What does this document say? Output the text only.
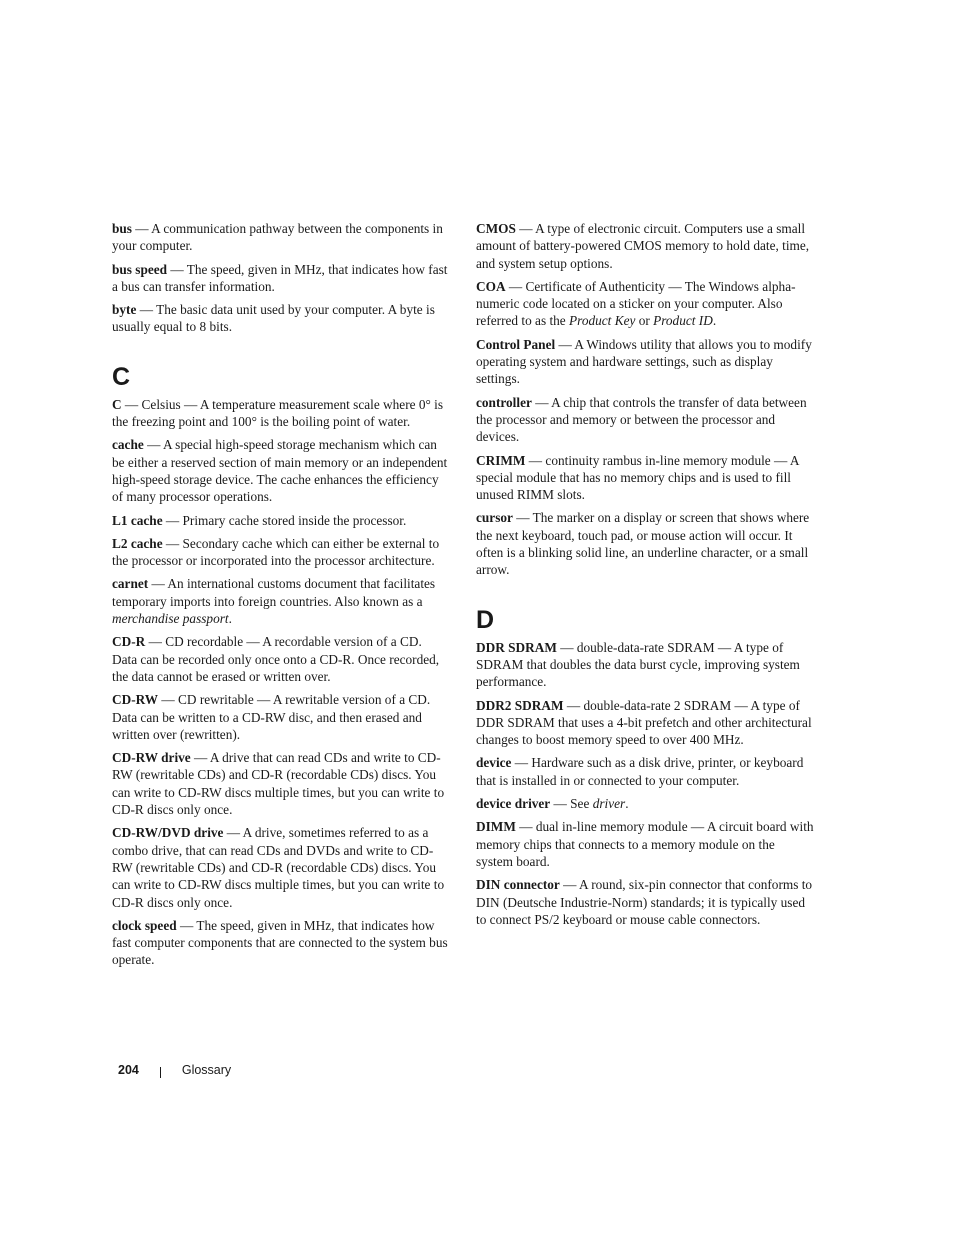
bus — A communication pathway between the components in your computer.

bus speed — The speed, given in MHz, that indicates how fast a bus can transfer information.

byte — The basic data unit used by your computer. A byte is usually equal to 8 bits.

C

C — Celsius — A temperature measurement scale where 0° is the freezing point and 100° is the boiling point of water.

cache — A special high-speed storage mechanism which can be either a reserved section of main memory or an independent high-speed storage device. The cache enhances the efficiency of many processor operations.

L1 cache — Primary cache stored inside the processor.

L2 cache — Secondary cache which can either be external to the processor or incorporated into the processor architecture.

carnet — An international customs document that facilitates temporary imports into foreign countries. Also known as a merchandise passport.

CD-R — CD recordable — A recordable version of a CD. Data can be recorded only once onto a CD-R. Once recorded, the data cannot be erased or written over.

CD-RW — CD rewritable — A rewritable version of a CD. Data can be written to a CD-RW disc, and then erased and written over (rewritten).

CD-RW drive — A drive that can read CDs and write to CD-RW (rewritable CDs) and CD-R (recordable CDs) discs. You can write to CD-RW discs multiple times, but you can write to CD-R discs only once.

CD-RW/DVD drive — A drive, sometimes referred to as a combo drive, that can read CDs and DVDs and write to CD-RW (rewritable CDs) and CD-R (recordable CDs) discs. You can write to CD-RW discs multiple times, but you can write to CD-R discs only once.

clock speed — The speed, given in MHz, that indicates how fast computer components that are connected to the system bus operate.

CMOS — A type of electronic circuit. Computers use a small amount of battery-powered CMOS memory to hold date, time, and system setup options.

COA — Certificate of Authenticity — The Windows alpha-numeric code located on a sticker on your computer. Also referred to as the Product Key or Product ID.

Control Panel — A Windows utility that allows you to modify operating system and hardware settings, such as display settings.

controller — A chip that controls the transfer of data between the processor and memory or between the processor and devices.

CRIMM — continuity rambus in-line memory module — A special module that has no memory chips and is used to fill unused RIMM slots.

cursor — The marker on a display or screen that shows where the next keyboard, touch pad, or mouse action will occur. It often is a blinking solid line, an underline character, or a small arrow.

D

DDR SDRAM — double-data-rate SDRAM — A type of SDRAM that doubles the data burst cycle, improving system performance.

DDR2 SDRAM — double-data-rate 2 SDRAM — A type of DDR SDRAM that uses a 4-bit prefetch and other architectural changes to boost memory speed to over 400 MHz.

device — Hardware such as a disk drive, printer, or keyboard that is installed in or connected to your computer.

device driver — See driver.

DIMM — dual in-line memory module — A circuit board with memory chips that connects to a memory module on the system board.

DIN connector — A round, six-pin connector that conforms to DIN (Deutsche Industrie-Norm) standards; it is typically used to connect PS/2 keyboard or mouse cable connectors.

204	Glossary
